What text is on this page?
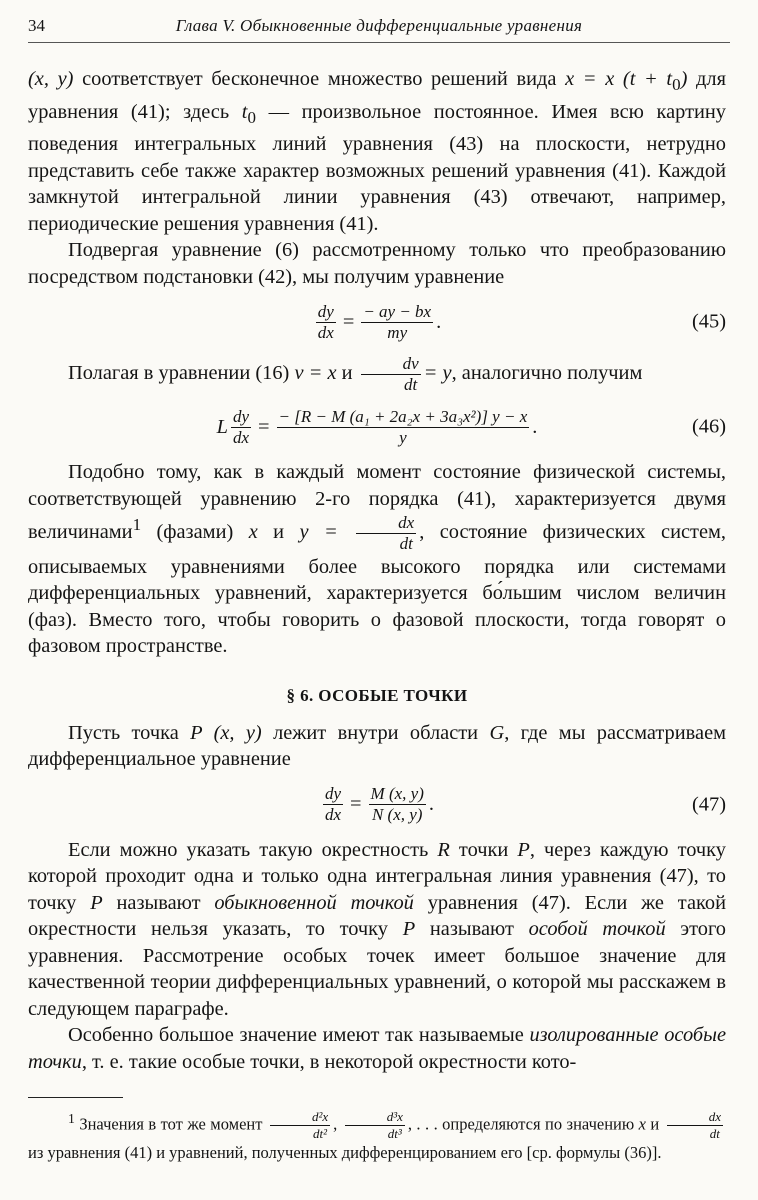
34	Глава V. Обыкновенные дифференциальные уравнения

(x, y) соответствует бесконечное множество решений вида x = x $(t + t_0)$ для уравнения (41); здесь $t_0$ — произвольное постоянное. Имея всю картину поведения интегральных линий уравнения (43) на плоскости, нетрудно представить себе также характер возможных решений уравнения (41). Каждой замкнутой интегральной линии уравнения (43) отвечают, например, периодические решения уравнения (41).

Подвергая уравнение (6) рассмотренному только что преобразованию посредством подстановки (42), мы получим уравнение

$\frac{dy}{dx} = \frac{- ay - bx}{my}$ .	(45)

Полагая в уравнении (16) v = x и $\frac{dv}{dt} = y$, аналогично получим

L $\frac{dy}{dx} = \frac{\text{− [R − M (a₁ + 2a₂x + 3a₃x²)] y − x}}{y}$ .	(46)

Подобно тому, как в каждый момент состояние физической системы, соответствующей уравнению 2-го порядка (41), характеризуется двумя величинами$^1$ (фазами) x и $y = \frac{dx}{dt}$ , состояние физических систем, описываемых уравнениями более высокого порядка или системами дифференциальных уравнений, характеризуется бо́льшим числом величин (фаз). Вместо того, чтобы говорить о фазовой плоскости, тогда говорят о фазовом пространстве.

§ 6. ОСОБЫЕ ТОЧКИ

Пусть точка P (x, y) лежит внутри области G, где мы рассматриваем дифференциальное уравнение

$\frac{dy}{dx} = \frac{M (x, y)}{N (x, y)}$ .	(47)

Если можно указать такую окрестность R точки P, через каждую точку которой проходит одна и только одна интегральная линия уравнения (47), то точку P называют обыкновенной точкой уравнения (47). Если же такой окрестности нельзя указать, то точку P называют особой точкой этого уравнения. Рассмотрение особых точек имеет большое значение для качественной теории дифференциальных уравнений, о которой мы расскажем в следующем параграфе.

Особенно большое значение имеют так называемые изолированные особые точки, т. е. такие особые точки, в некоторой окрестности кото-

$^1$ Значения в тот же момент $\frac{\text{d²x}}{\text{dt²}}$ , $\frac{\text{d³x}}{\text{dt³}}$ , . . . определяются по значению x и $\frac{dx}{dt}$
из уравнения (41) и уравнений, полученных дифференцированием его [ср. формулы (36)].
